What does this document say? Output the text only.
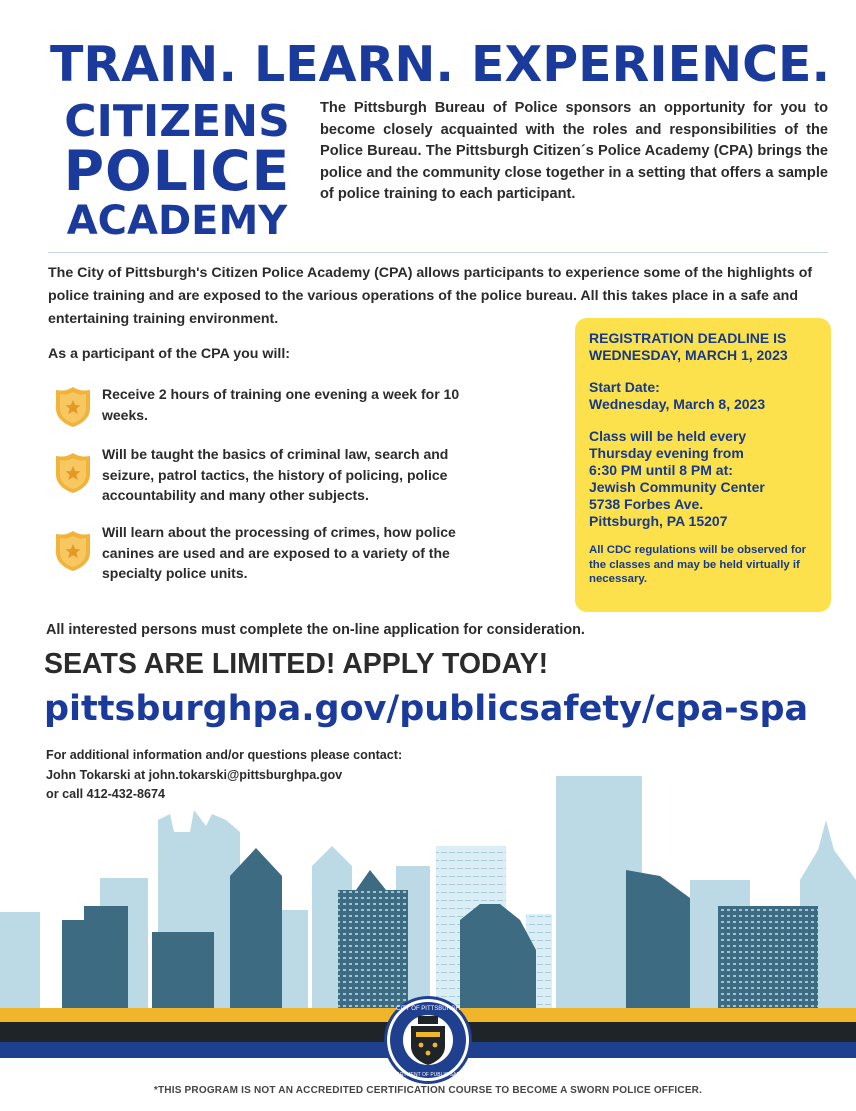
TRAIN. LEARN. EXPERIENCE.
CITIZENS
POLICE
ACADEMY

The Pittsburgh Bureau of Police sponsors an opportunity for you to become closely acquainted with the roles and responsibilities of the Police Bureau. The Pittsburgh Citizen´s Police Academy (CPA) brings the police and the community close together in a setting that offers a sample of police training to each participant.

The City of Pittsburgh's Citizen Police Academy (CPA) allows participants to experience some of the highlights of police training and are exposed to the various operations of the police bureau. All this takes place in a safe and entertaining training environment.

As a participant of the CPA you will:

Receive 2 hours of training one evening a week for 10 weeks.

Will be taught the basics of criminal law, search and seizure, patrol tactics, the history of policing, police accountability and many other subjects.

Will learn about the processing of crimes, how police canines are used and are exposed to a variety of the specialty police units.

REGISTRATION DEADLINE IS
WEDNESDAY, MARCH 1, 2023

Start Date:
Wednesday, March 8, 2023

Class will be held every
Thursday evening from
6:30 PM until 8 PM at:
Jewish Community Center
5738 Forbes Ave.
Pittsburgh, PA 15207

All CDC regulations will be observed for the classes and may be held virtually if necessary.

All interested persons must complete the on-line application for consideration.

SEATS ARE LIMITED! APPLY TODAY!

pittsburghpa.gov/publicsafety/cpa-spa

For additional information and/or questions please contact:
John Tokarski at john.tokarski@pittsburghpa.gov
or call 412-432-8674
CITY OF PITTSBURGH
DEPARTMENT OF PUBLIC SAFETY

*THIS PROGRAM IS NOT AN ACCREDITED CERTIFICATION COURSE TO BECOME A SWORN POLICE OFFICER.
